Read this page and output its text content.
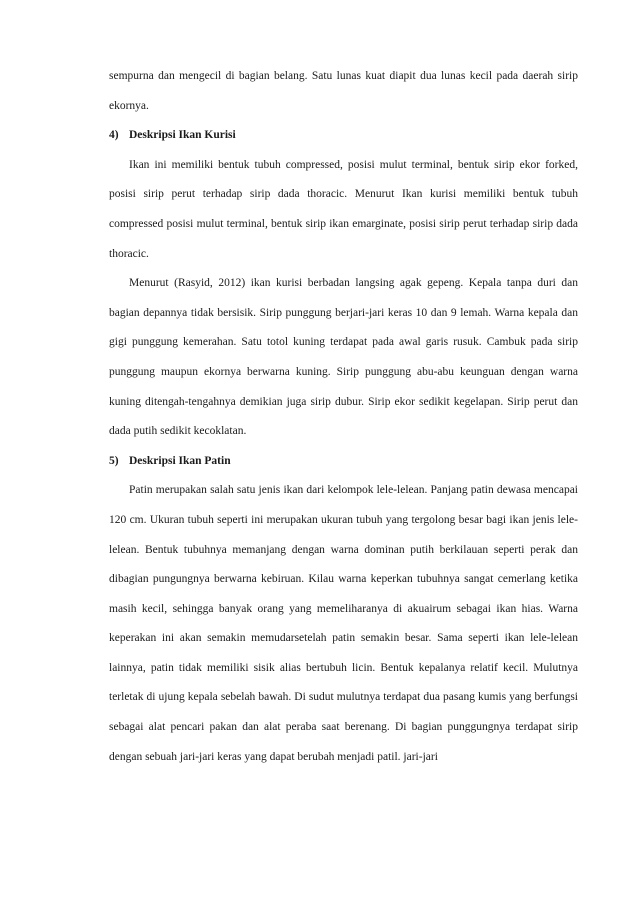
sempurna dan mengecil di bagian belang. Satu lunas kuat diapit dua lunas kecil pada daerah sirip ekornya.

4) Deskripsi Ikan Kurisi

Ikan ini memiliki bentuk tubuh compressed, posisi mulut terminal, bentuk sirip ekor forked, posisi sirip perut terhadap sirip dada thoracic. Menurut Ikan kurisi memiliki bentuk tubuh compressed posisi mulut terminal, bentuk sirip ikan emarginate, posisi sirip perut terhadap sirip dada thoracic.

Menurut (Rasyid, 2012) ikan kurisi berbadan langsing agak gepeng. Kepala tanpa duri dan bagian depannya tidak bersisik. Sirip punggung berjari-jari keras 10 dan 9 lemah. Warna kepala dan gigi punggung kemerahan. Satu totol kuning terdapat pada awal garis rusuk. Cambuk pada sirip punggung maupun ekornya berwarna kuning. Sirip punggung abu-abu keunguan dengan warna kuning ditengah-tengahnya demikian juga sirip dubur. Sirip ekor sedikit kegelapan. Sirip perut dan dada putih sedikit kecoklatan.

5) Deskripsi Ikan Patin

Patin merupakan salah satu jenis ikan dari kelompok lele-lelean. Panjang patin dewasa mencapai 120 cm. Ukuran tubuh seperti ini merupakan ukuran tubuh yang tergolong besar bagi ikan jenis lele-lelean. Bentuk tubuhnya memanjang dengan warna dominan putih berkilauan seperti perak dan dibagian pungungnya berwarna kebiruan. Kilau warna keperkan tubuhnya sangat cemerlang ketika masih kecil, sehingga banyak orang yang memeliharanya di akuairum sebagai ikan hias. Warna keperakan ini akan semakin memudarsetelah patin semakin besar. Sama seperti ikan lele-lelean lainnya, patin tidak memiliki sisik alias bertubuh licin. Bentuk kepalanya relatif kecil. Mulutnya terletak di ujung kepala sebelah bawah. Di sudut mulutnya terdapat dua pasang kumis yang berfungsi sebagai alat pencari pakan dan alat peraba saat berenang. Di bagian punggungnya terdapat sirip dengan sebuah jari-jari keras yang dapat berubah menjadi patil. jari-jari
